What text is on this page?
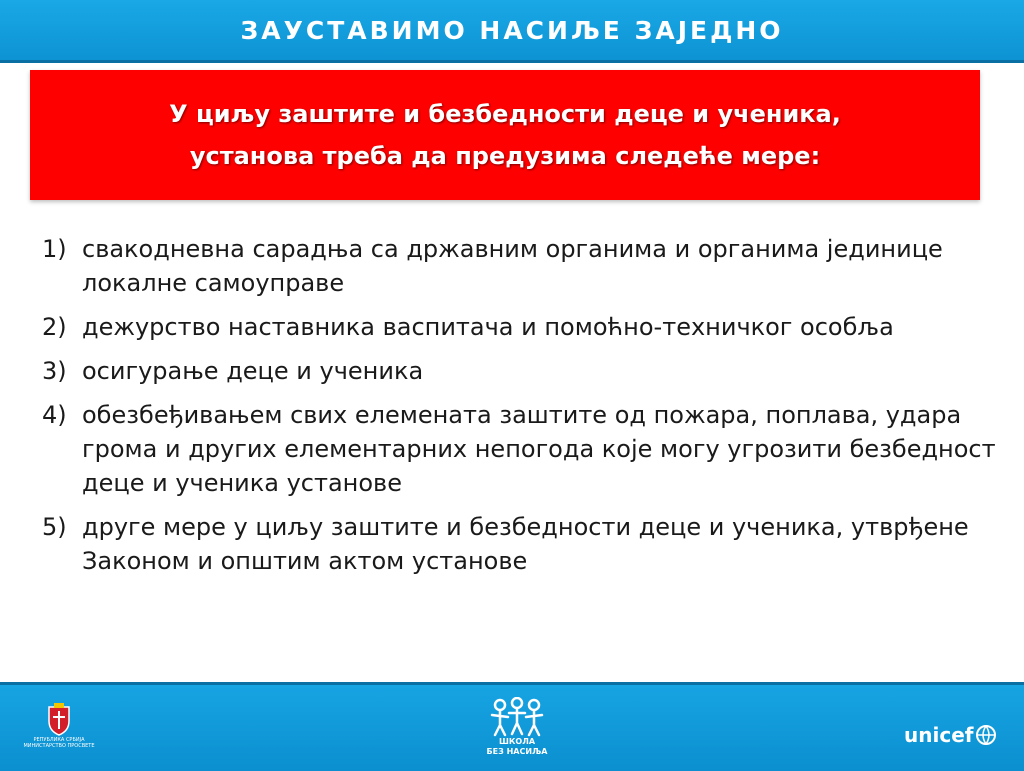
ЗАУСТАВИМО НАСИЉЕ ЗАЈЕДНО
У циљу заштите и безбедности деце и ученика,
установа треба да предузима следеће мере:
1) свакодневна сарадња са државним органима и органима јединице локалне самоуправе
2) дежурство наставника васпитача и помоћно-техничког особља
3) осигурање деце и ученика
4) обезбеђивањем свих елемената заштите од пожара, поплава, удара грома и других елементарних непогода које могу угрозити безбедност деце и ученика установе
5) друге мере у циљу заштите и безбедности деце и ученика, утврђене Законом и општим актом установе
РЕПУБЛИКА СРБИЈА МИНИСТАРСТВО ПРОСВЕТЕ	ШКОЛА
БЕЗ НАСИЉА
unicef
